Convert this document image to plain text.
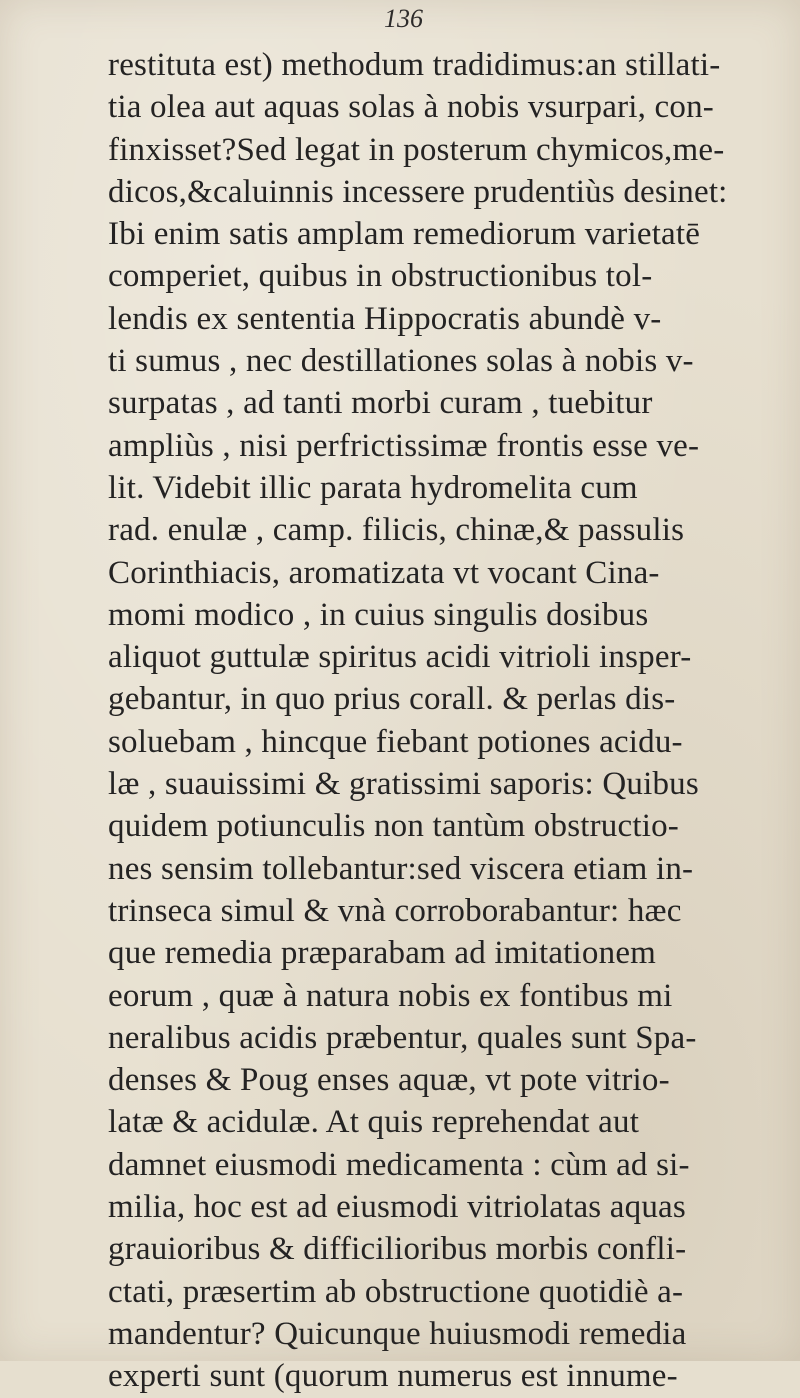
136
restituta est) methodum tradidimus:an stillati-
tia olea aut aquas solas à nobis vsurpari, con-
finxisset?Sed legat in posterum chymicos,me-
dicos,&caluinnis incessere prudentiùs desinet:
Ibi enim satis amplam remediorum varietatē
comperiet, quibus in obstructionibus tol-
lendis ex sententia Hippocratis abundè v-
ti sumus , nec destillationes solas à nobis v-
surpatas , ad tanti morbi curam , tuebitur
ampliùs , nisi perfrictissimæ frontis esse ve-
lit. Videbit illic parata hydromelita cum
rad. enulæ , camp. filicis, chinæ,& passulis
Corinthiacis, aromatizata vt vocant Cina-
momi modico , in cuius singulis dosibus
aliquot guttulæ spiritus acidi vitrioli insper-
gebantur, in quo prius corall. & perlas dis-
soluebam , hincque fiebant potiones acidu-
læ , suauissimi & gratissimi saporis: Quibus
quidem potiunculis non tantùm obstructio-
nes sensim tollebantur:sed viscera etiam in-
trinseca simul & vnà corroborabantur: hæc
que remedia præparabam ad imitationem
eorum , quæ à natura nobis ex fontibus mi
neralibus acidis præbentur, quales sunt Spa-
denses & Poug enses aquæ, vt pote vitrio-
latæ & acidulæ. At quis reprehendat aut
damnet eiusmodi medicamenta : cùm ad si-
milia, hoc est ad eiusmodi vitriolatas aquas
grauioribus & difficilioribus morbis confli-
ctati, præsertim ab obstructione quotidiè a-
mandentur? Quicunque huiusmodi remedia
experti sunt (quorum numerus est innume-
